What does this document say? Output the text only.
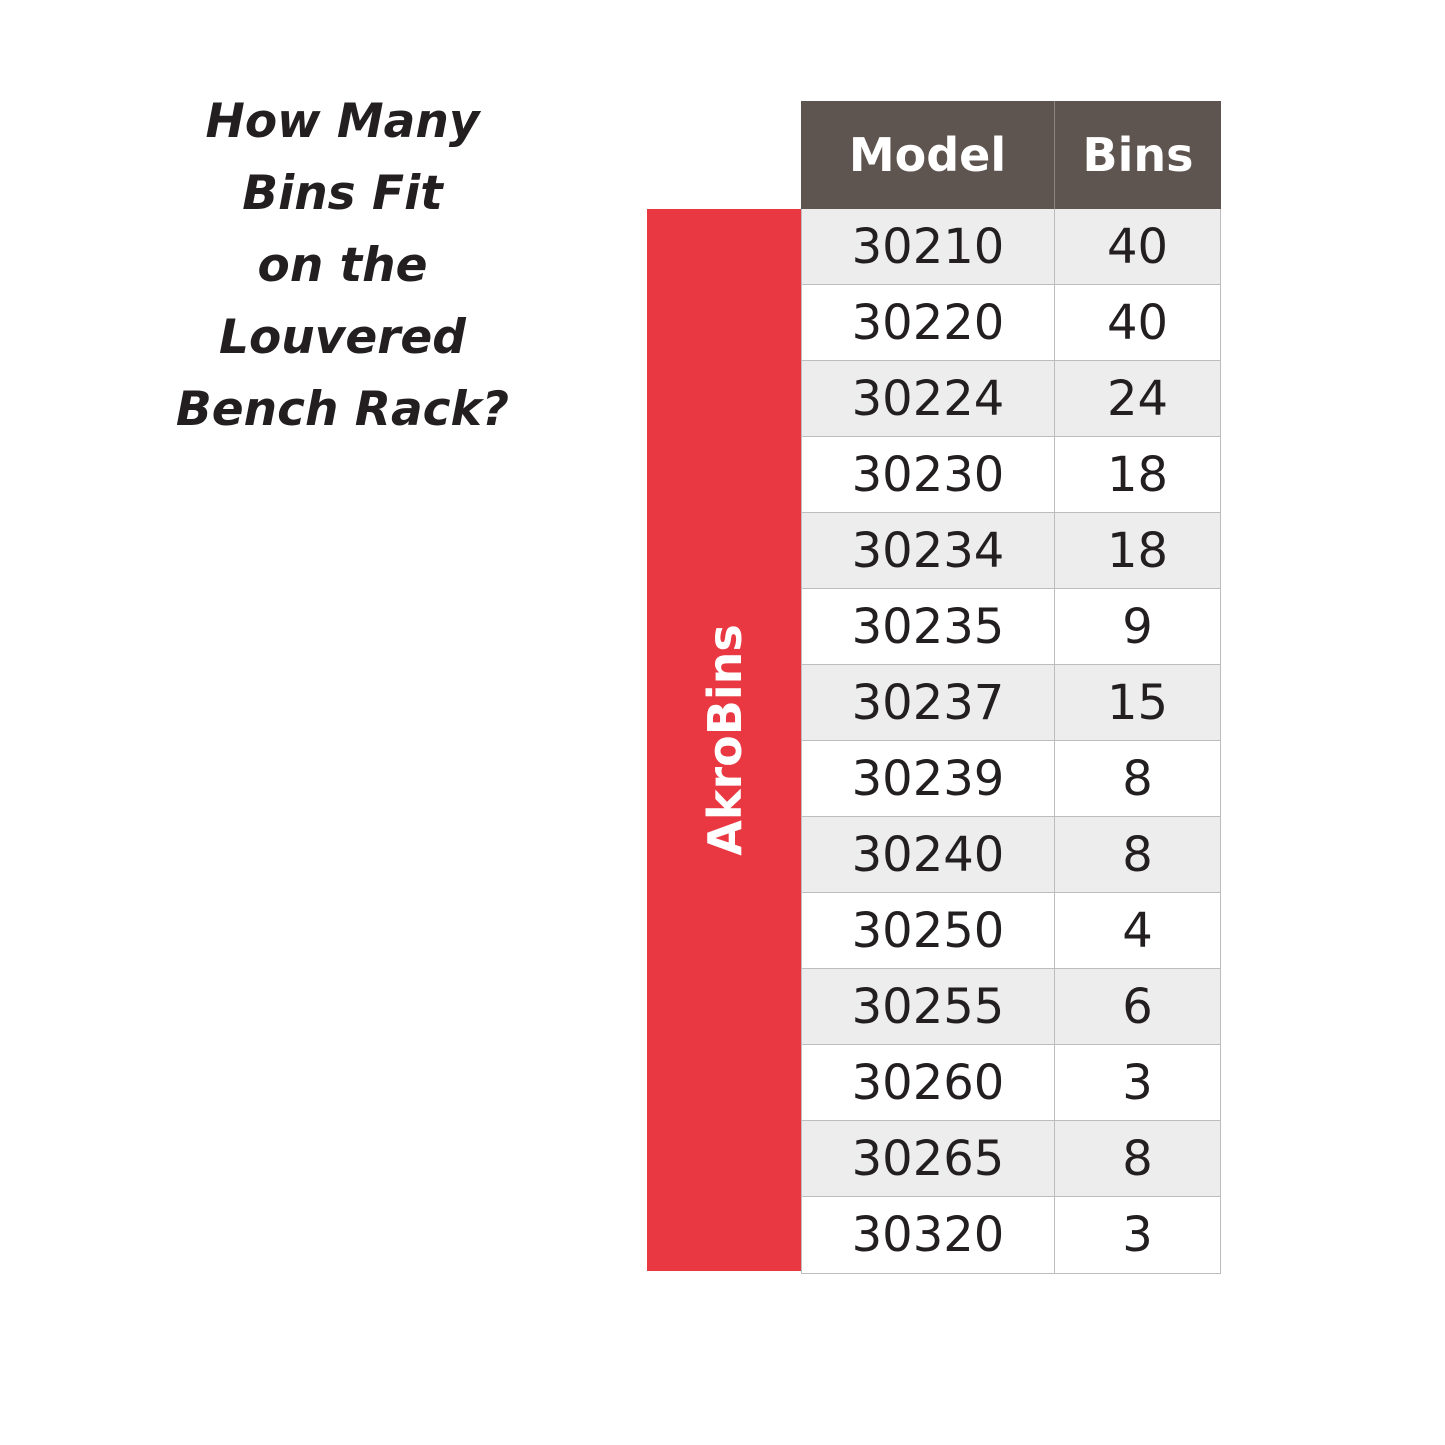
How Many
Bins Fit
on the
Louvered
Bench Rack?
AkroBins
Model	Bins
30210	40
30220	40
30224	24
30230	18
30234	18
30235	9
30237	15
30239	8
30240	8
30250	4
30255	6
30260	3
30265	8
30320	3
